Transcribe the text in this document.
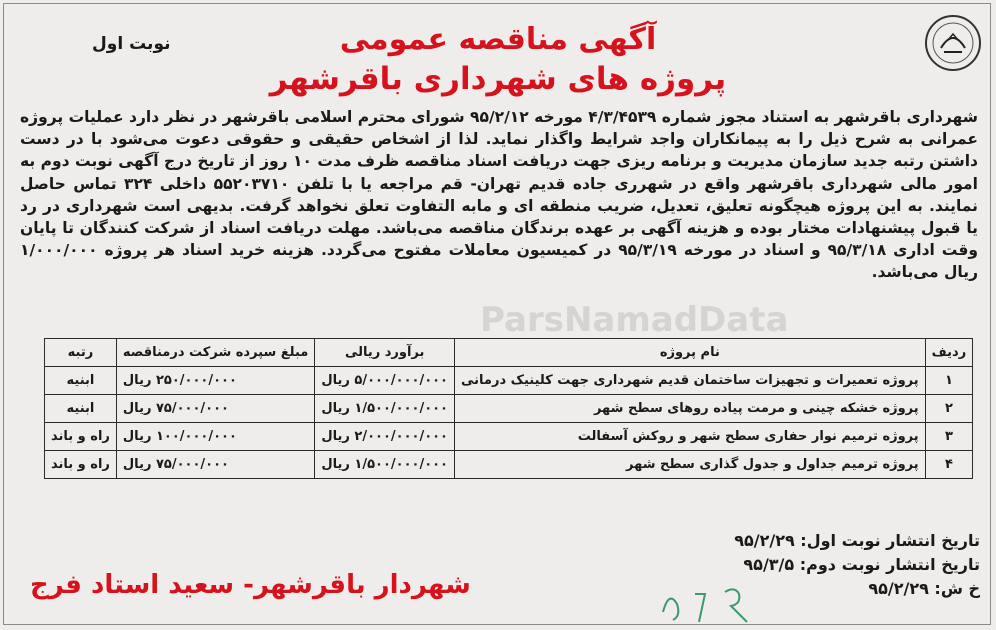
نوبت اول	آگهی مناقصه عمومی
پروژه های شهرداری باقرشهر
ParsNamadData
شهرداری باقرشهر به استناد مجوز شماره ۴/۳/۴۵۳۹ مورخه ۹۵/۲/۱۲ شورای محترم اسلامی باقرشهر در نظر دارد عملیات پروژه عمرانی به شرح ذیل را به پیمانکاران واجد شرایط واگذار نماید. لذا از اشخاص حقیقی و حقوقی دعوت می‌شود با در دست داشتن رتبه جدید سازمان مدیریت و برنامه ریزی جهت دریافت اسناد مناقصه ظرف مدت ۱۰ روز از تاریخ درج آگهی نوبت دوم به امور مالی شهرداری باقرشهر واقع در شهرری جاده قدیم تهران- قم مراجعه یا با تلفن ۵۵۲۰۳۷۱۰ داخلی ۳۲۴ تماس حاصل نمایند. به این پروژه هیچگونه تعلیق، تعدیل، ضریب منطقه ای و مابه التفاوت تعلق نخواهد گرفت. بدیهی است شهرداری در رد یا قبول پیشنهادات مختار بوده و هزینه آگهی بر عهده برندگان مناقصه می‌باشد. مهلت دریافت اسناد از شرکت کنندگان تا پایان وقت اداری ۹۵/۳/۱۸ و اسناد در مورخه ۹۵/۳/۱۹ در کمیسیون معاملات مفتوح می‌گردد. هزینه خرید اسناد هر پروژه ۱/۰۰۰/۰۰۰ ریال می‌باشد.
ردیف	نام پروژه	برآورد ریالی	مبلغ سپرده شرکت درمناقصه	رتبه
۱	پروژه تعمیرات و تجهیزات ساختمان قدیم شهرداری جهت کلینیک درمانی	۵/۰۰۰/۰۰۰/۰۰۰ ریال	۲۵۰/۰۰۰/۰۰۰ ریال	ابنیه
۲	پروژه خشکه چینی و مرمت پیاده روهای سطح شهر	۱/۵۰۰/۰۰۰/۰۰۰ ریال	۷۵/۰۰۰/۰۰۰ ریال	ابنیه
۳	پروژه ترمیم نوار حفاری سطح شهر و روکش آسفالت	۲/۰۰۰/۰۰۰/۰۰۰ ریال	۱۰۰/۰۰۰/۰۰۰ ریال	راه و باند
۴	پروژه ترمیم جداول و جدول گذاری سطح شهر	۱/۵۰۰/۰۰۰/۰۰۰ ریال	۷۵/۰۰۰/۰۰۰ ریال	راه و باند
تاریخ انتشار نوبت اول: ۹۵/۲/۲۹
تاریخ انتشار نوبت دوم: ۹۵/۳/۵
خ ش: ۹۵/۲/۲۹
شهردار باقرشهر- سعید استاد فرج
